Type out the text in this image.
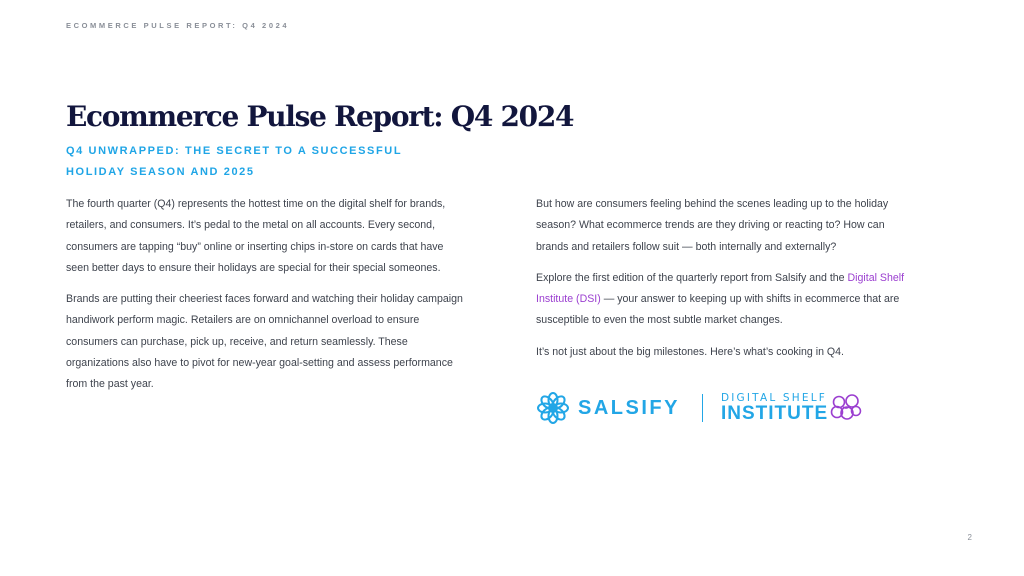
ECOMMERCE PULSE REPORT: Q4 2024
Ecommerce Pulse Report: Q4 2024
Q4 UNWRAPPED: THE SECRET TO A SUCCESSFUL
HOLIDAY SEASON AND 2025

The fourth quarter (Q4) represents the hottest time on the digital shelf for brands, retailers, and consumers. It’s pedal to the metal on all accounts. Every second, consumers are tapping “buy” online or inserting chips in-store on cards that have seen better days to ensure their holidays are special for their special someones.

Brands are putting their cheeriest faces forward and watching their holiday campaign handiwork perform magic. Retailers are on omnichannel overload to ensure consumers can purchase, pick up, receive, and return seamlessly. These organizations also have to pivot for new-year goal-setting and assess performance from the past year.

But how are consumers feeling behind the scenes leading up to the holiday season? What ecommerce trends are they driving or reacting to? How can brands and retailers follow suit — both internally and externally?

Explore the first edition of the quarterly report from Salsify and the Digital Shelf Institute (DSI) — your answer to keeping up with shifts in ecommerce that are susceptible to even the most subtle market changes.

It’s not just about the big milestones. Here’s what’s cooking in Q4.

SALSIFY	DIGITAL SHELF
INSTITUTE
2
